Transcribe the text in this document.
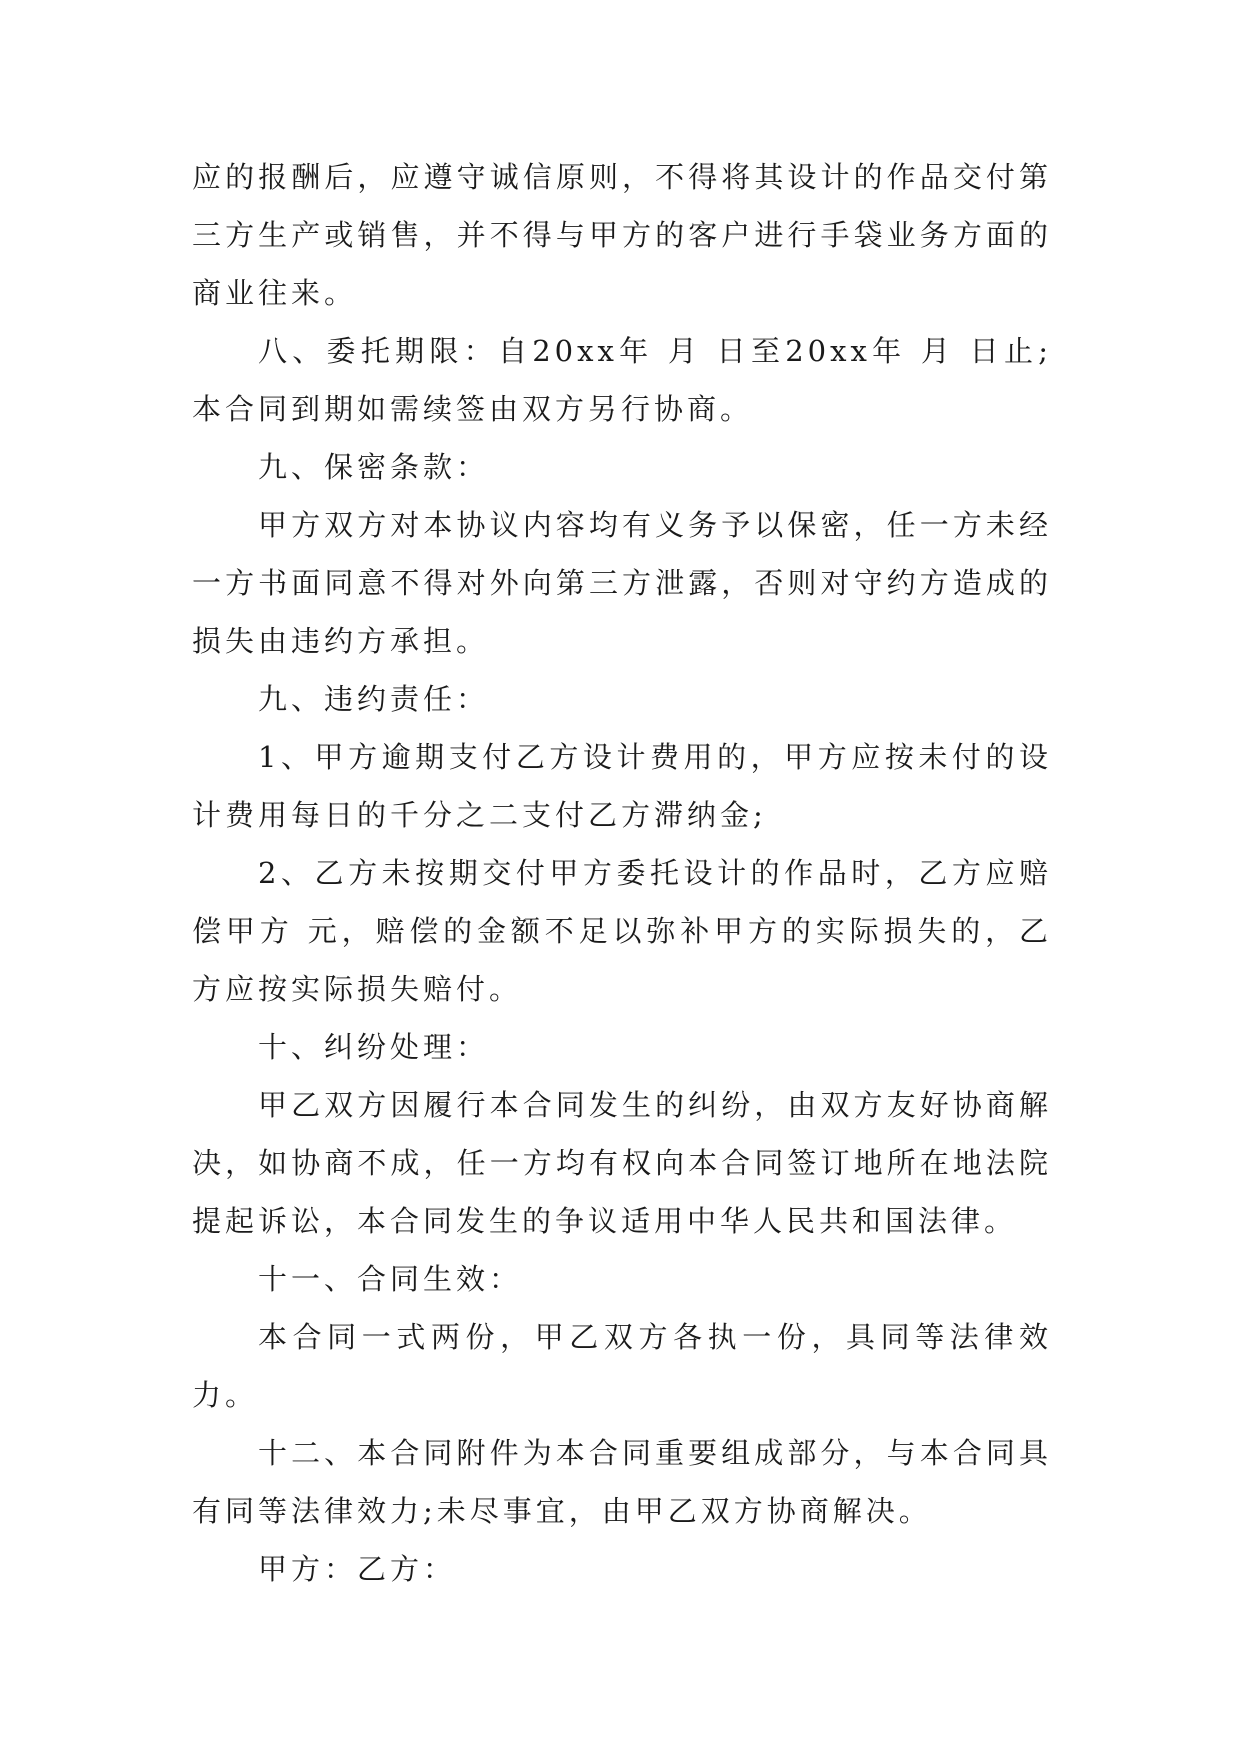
应的报酬后，应遵守诚信原则，不得将其设计的作品交付第三方生产或销售，并不得与甲方的客户进行手袋业务方面的商业往来。

八、委托期限：自20xx年 月 日至20xx年 月 日止;本合同到期如需续签由双方另行协商。

九、保密条款：

甲方双方对本协议内容均有义务予以保密，任一方未经一方书面同意不得对外向第三方泄露，否则对守约方造成的损失由违约方承担。

九、违约责任：

1、甲方逾期支付乙方设计费用的，甲方应按未付的设计费用每日的千分之二支付乙方滞纳金;

2、乙方未按期交付甲方委托设计的作品时，乙方应赔偿甲方 元，赔偿的金额不足以弥补甲方的实际损失的，乙方应按实际损失赔付。

十、纠纷处理：

甲乙双方因履行本合同发生的纠纷，由双方友好协商解决，如协商不成，任一方均有权向本合同签订地所在地法院提起诉讼，本合同发生的争议适用中华人民共和国法律。

十一、合同生效：

本合同一式两份，甲乙双方各执一份，具同等法律效力。

十二、本合同附件为本合同重要组成部分，与本合同具有同等法律效力;未尽事宜，由甲乙双方协商解决。

甲方：乙方：
